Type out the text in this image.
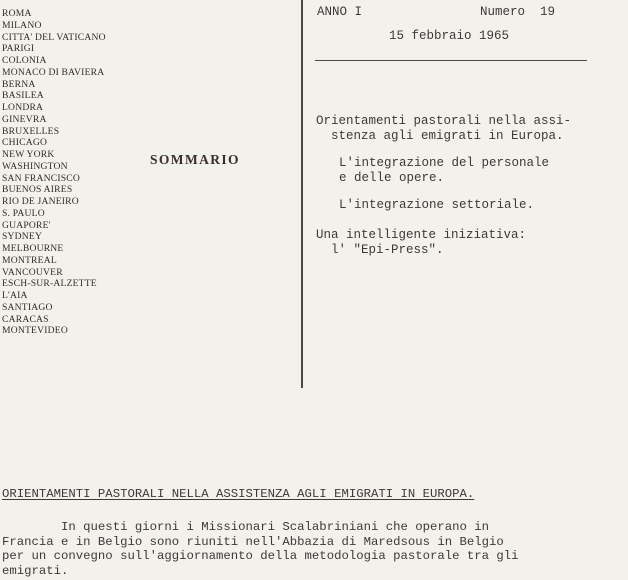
ROMA
MILANO
CITTA' DEL VATICANO
PARIGI
COLONIA
MONACO DI BAVIERA
BERNA
BASILEA
LONDRA
GINEVRA
BRUXELLES
CHICAGO
NEW YORK
WASHINGTON
SAN FRANCISCO
BUENOS AIRES
RIO DE JANEIRO
S. PAULO
GUAPORE'
SYDNEY
MELBOURNE
MONTREAL
VANCOUVER
ESCH-SUR-ALZETTE
L'AIA
SANTIAGO
CARACAS
MONTEVIDEO
SOMMARIO
ANNO I	Numero  19
15 febbraio 1965
Orientamenti pastorali nella assi-
stenza agli emigrati in Europa.
L'integrazione del personale
e delle opere.
L'integrazione settoriale.
Una intelligente iniziativa:
l' "Epi-Press".
ORIENTAMENTI PASTORALI NELLA ASSISTENZA AGLI EMIGRATI IN EUROPA.
In questi giorni i Missionari Scalabriniani che operano in
Francia e in Belgio sono riuniti nell'Abbazia di Maredsous in Belgio
per un convegno sull'aggiornamento della metodologia pastorale tra gli
emigrati.
